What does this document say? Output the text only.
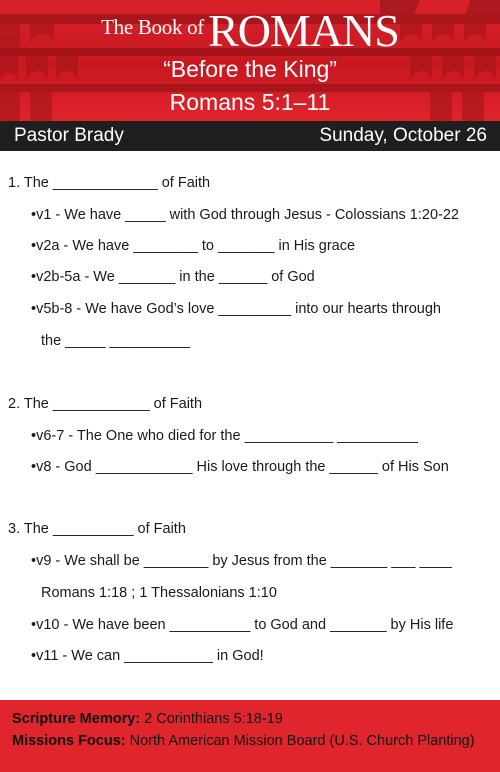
The Book ofROMANS
“Before the King”
Romans 5:1–11
Pastor Brady	Sunday, October 26
1. The _____________ of Faith
•v1 - We have _____ with God through Jesus - Colossians 1:20-22
•v2a - We have ________ to _______ in His grace
•v2b-5a - We _______ in the ______ of God
•v5b-8 - We have God’s love _________ into our hearts through
the _____ __________
2. The ____________ of Faith
•v6-7 - The One who died for the ___________ __________
•v8 - God ____________ His love through the ______ of His Son
3. The __________ of Faith
•v9 - We shall be ________ by Jesus from the _______ ___ ____
Romans 1:18 ; 1 Thessalonians 1:10
•v10 - We have been __________ to God and _______ by His life
•v11 - We can ___________ in God!
Scripture Memory: 2 Corinthians 5:18-19
Missions Focus: North American Mission Board (U.S. Church Planting)
